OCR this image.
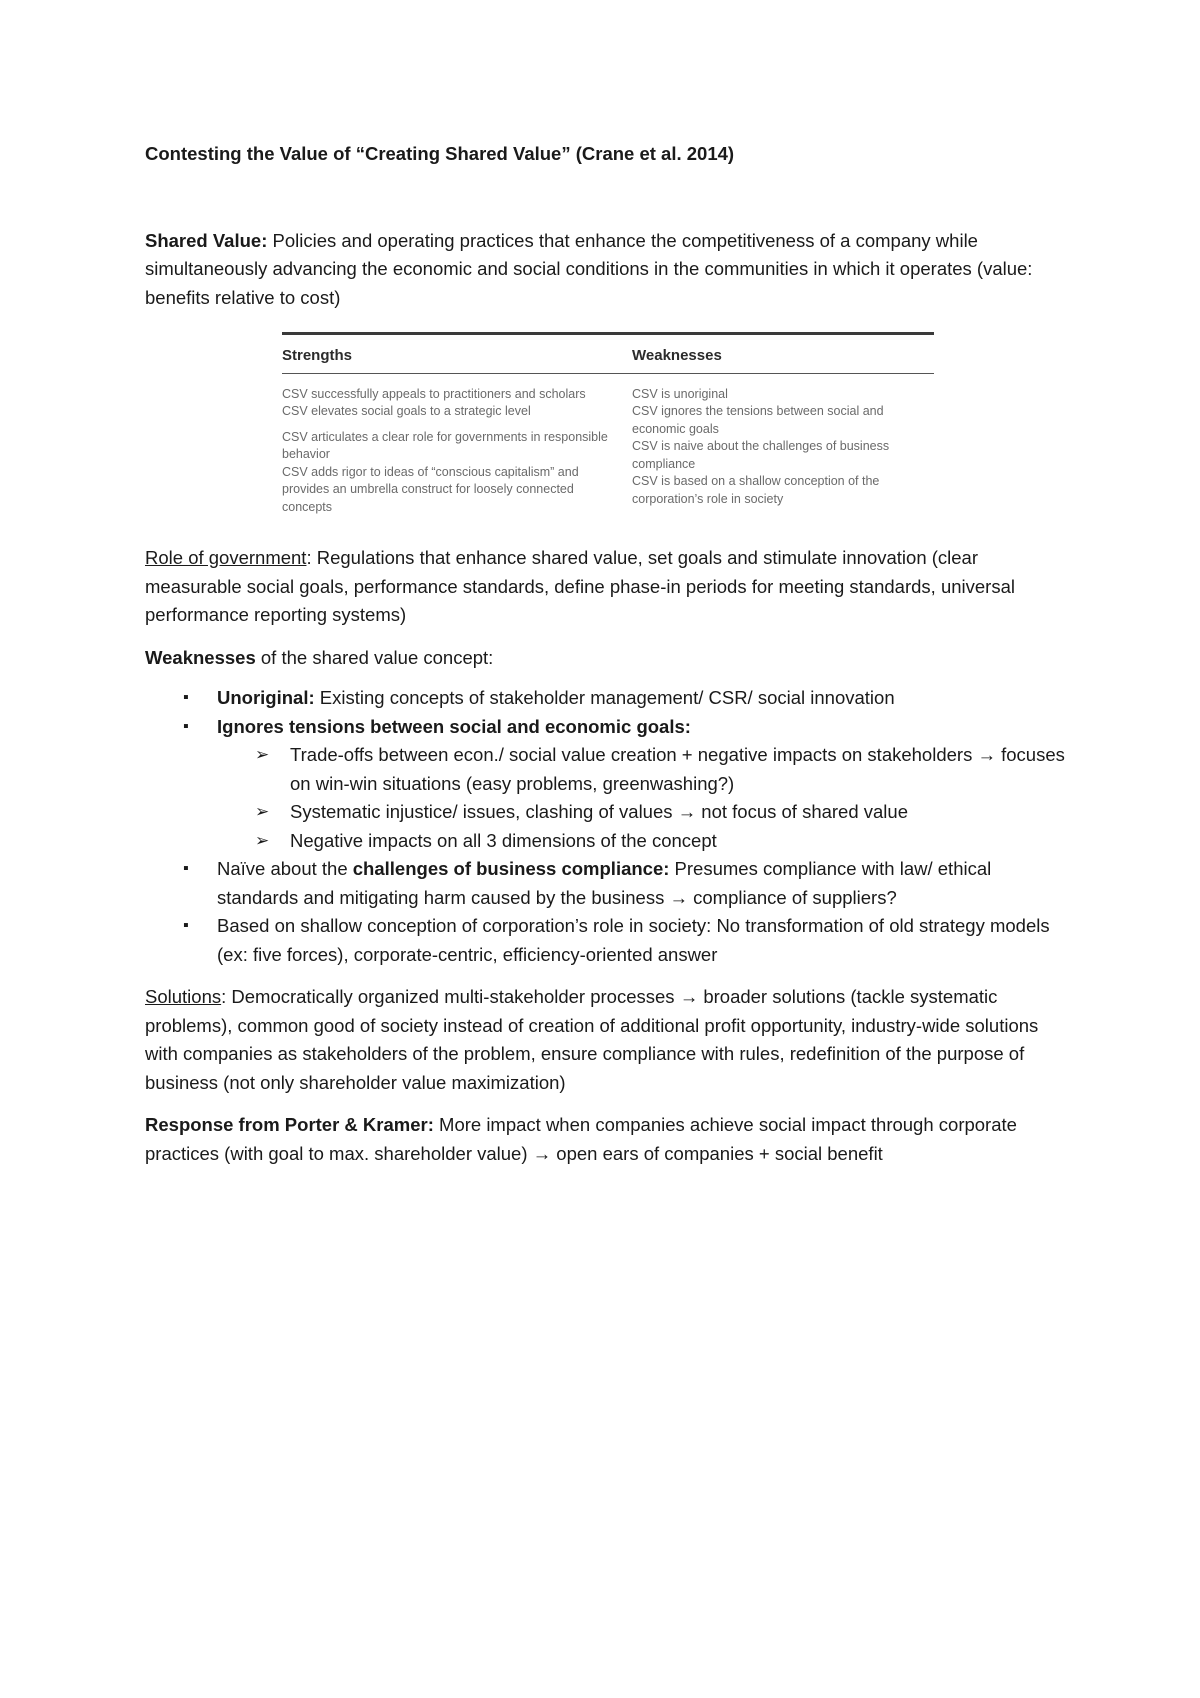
Contesting the Value of “Creating Shared Value” (Crane et al. 2014)

Shared Value: Policies and operating practices that enhance the competitiveness of a company while simultaneously advancing the economic and social conditions in the communities in which it operates (value: benefits relative to cost)

Strengths	Weaknesses
CSV successfully appeals to practitioners and scholars
CSV elevates social goals to a strategic level
CSV articulates a clear role for governments in responsible behavior
CSV adds rigor to ideas of “conscious capitalism” and provides an umbrella construct for loosely connected concepts
CSV is unoriginal
CSV ignores the tensions between social and economic goals
CSV is naive about the challenges of business compliance
CSV is based on a shallow conception of the corporation’s role in society

Role of government: Regulations that enhance shared value, set goals and stimulate innovation (clear measurable social goals, performance standards, define phase-in periods for meeting standards, universal performance reporting systems)

Weaknesses of the shared value concept:

▪ Unoriginal: Existing concepts of stakeholder management/ CSR/ social innovation
▪ Ignores tensions between social and economic goals:
➢ Trade-offs between econ./ social value creation + negative impacts on stakeholders → focuses on win-win situations (easy problems, greenwashing?)
➢ Systematic injustice/ issues, clashing of values → not focus of shared value
➢ Negative impacts on all 3 dimensions of the concept
▪ Naïve about the challenges of business compliance: Presumes compliance with law/ ethical standards and mitigating harm caused by the business → compliance of suppliers?
▪ Based on shallow conception of corporation’s role in society: No transformation of old strategy models (ex: five forces), corporate-centric, efficiency-oriented answer

Solutions: Democratically organized multi-stakeholder processes → broader solutions (tackle systematic problems), common good of society instead of creation of additional profit opportunity, industry-wide solutions with companies as stakeholders of the problem, ensure compliance with rules, redefinition of the purpose of business (not only shareholder value maximization)

Response from Porter & Kramer: More impact when companies achieve social impact through corporate practices (with goal to max. shareholder value) → open ears of companies + social benefit
